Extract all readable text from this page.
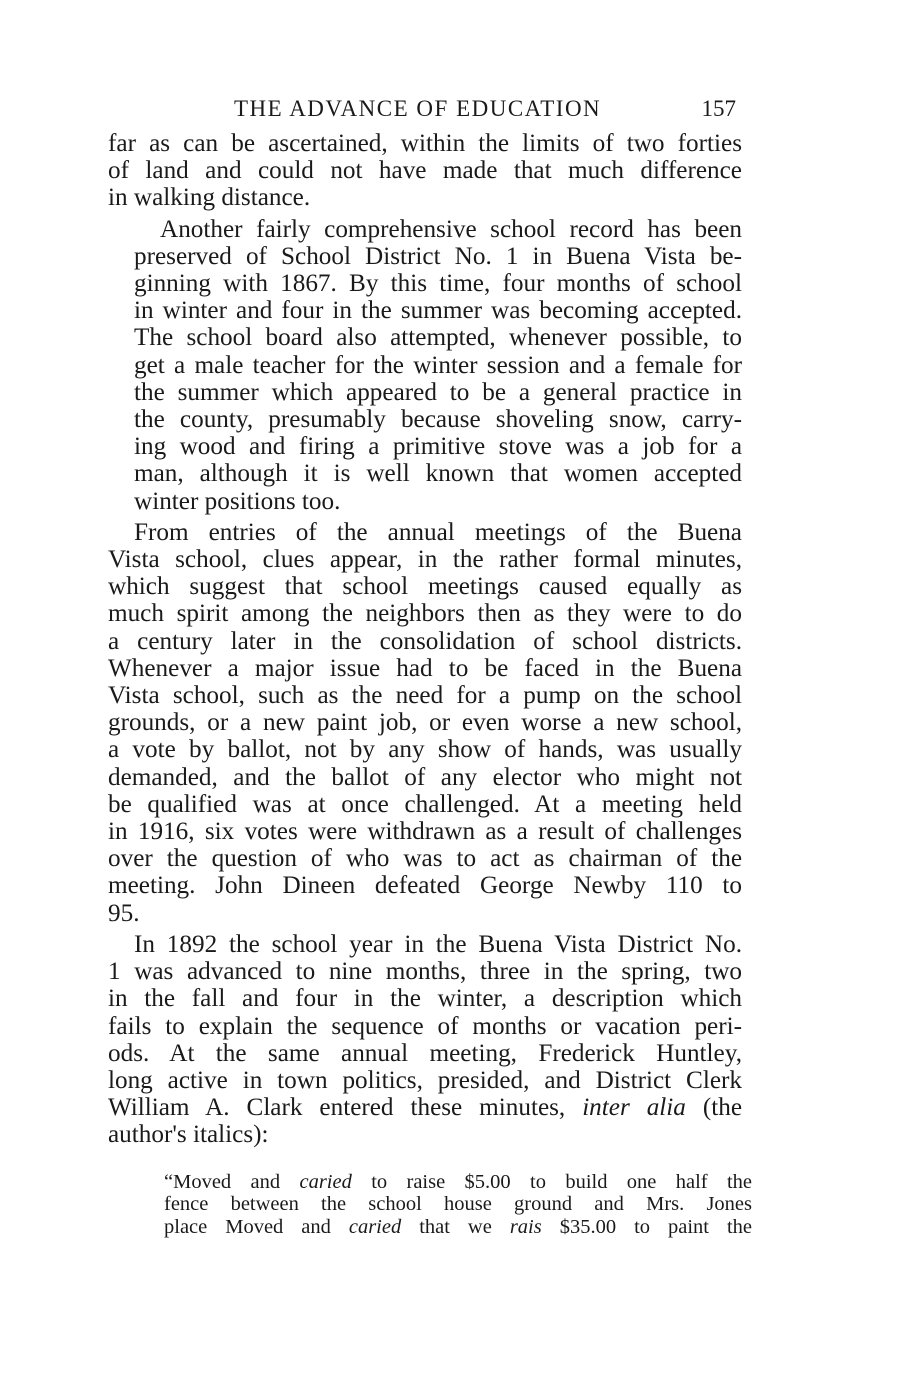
THE ADVANCE OF EDUCATION	157

far as can be ascertained, within the limits of two forties
of land and could not have made that much difference
in walking distance.

Another fairly comprehensive school record has been
preserved of School District No. 1 in Buena Vista be-
ginning with 1867. By this time, four months of school
in winter and four in the summer was becoming accepted.
The school board also attempted, whenever possible, to
get a male teacher for the winter session and a female for
the summer which appeared to be a general practice in
the county, presumably because shoveling snow, carry-
ing wood and firing a primitive stove was a job for a
man, although it is well known that women accepted
winter positions too.

From entries of the annual meetings of the Buena
Vista school, clues appear, in the rather formal minutes,
which suggest that school meetings caused equally as
much spirit among the neighbors then as they were to do
a century later in the consolidation of school districts.
Whenever a major issue had to be faced in the Buena
Vista school, such as the need for a pump on the school
grounds, or a new paint job, or even worse a new school,
a vote by ballot, not by any show of hands, was usually
demanded, and the ballot of any elector who might not
be qualified was at once challenged. At a meeting held
in 1916, six votes were withdrawn as a result of challenges
over the question of who was to act as chairman of the
meeting. John Dineen defeated George Newby 110 to
95.

In 1892 the school year in the Buena Vista District No.
1 was advanced to nine months, three in the spring, two
in the fall and four in the winter, a description which
fails to explain the sequence of months or vacation peri-
ods. At the same annual meeting, Frederick Huntley,
long active in town politics, presided, and District Clerk
William A. Clark entered these minutes, inter alia (the
author's italics):

“Moved and caried to raise $5.00 to build one half the
fence between the school house ground and Mrs. Jones
place Moved and caried that we rais $35.00 to paint the
